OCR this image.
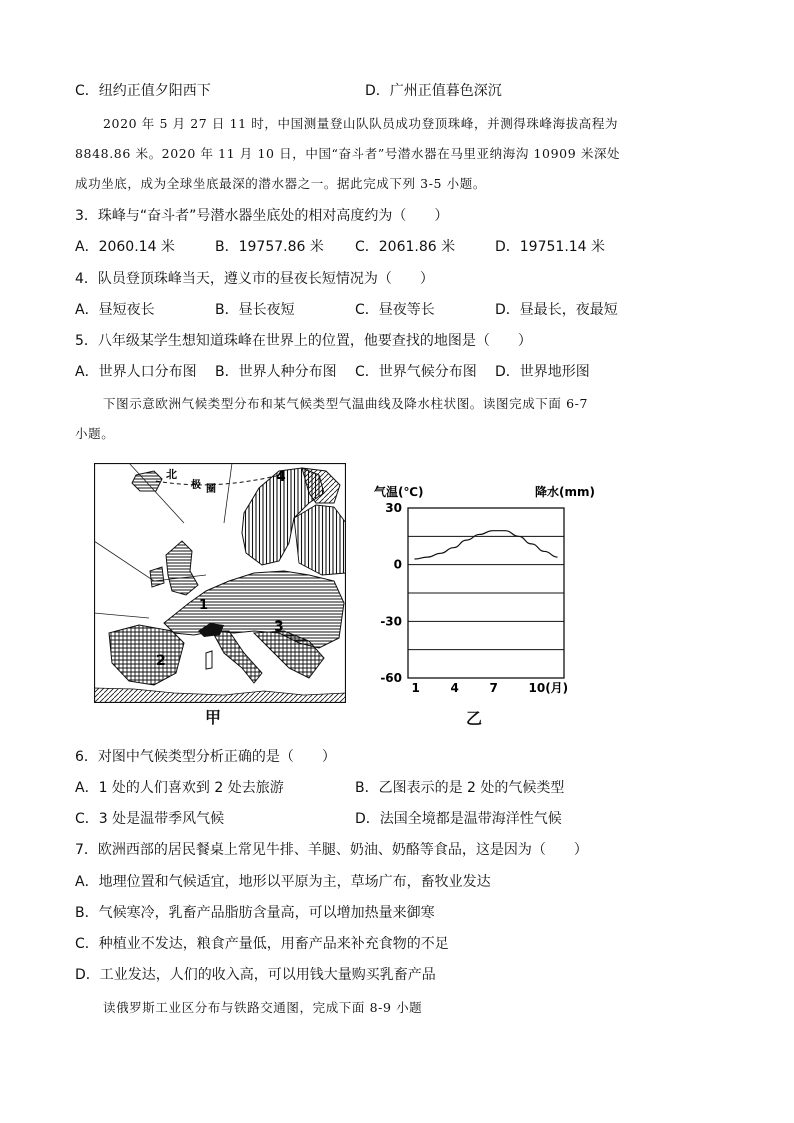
C．纽约正值夕阳西下	D．广州正值暮色深沉
2020 年 5 月 27 日 11 时，中国测量登山队队员成功登顶珠峰，并测得珠峰海拔高程为
8848.86 米。2020 年 11 月 10 日，中国“奋斗者”号潜水器在马里亚纳海沟 10909 米深处
成功坐底，成为全球坐底最深的潜水器之一。据此完成下列 3-5 小题。
3．珠峰与“奋斗者”号潜水器坐底处的相对高度约为（　　）
A．2060.14 米	B．19757.86 米 C．2061.86 米	D．19751.14 米
4．队员登顶珠峰当天，遵义市的昼夜长短情况为（　　）
A．昼短夜长	B．昼长夜短	C．昼夜等长	D．昼最长，夜最短
5．八年级某学生想知道珠峰在世界上的位置，他要查找的地图是（　　）
A．世界人口分布图 B．世界人种分布图 C．世界气候分布图 D．世界地形图
下图示意欧洲气候类型分布和某气候类型气温曲线及降水柱状图。读图完成下面 6-7
小题。
北
极 圈
1
2
3
4
甲
气温(℃)	降水(mm)
30
0
-30
-60
1	4	7	10(月)
乙
6．对图中气候类型分析正确的是（　　）
A．1 处的人们喜欢到 2 处去旅游	B．乙图表示的是 2 处的气候类型
C．3 处是温带季风气候	D．法国全境都是温带海洋性气候
7．欧洲西部的居民餐桌上常见牛排、羊腿、奶油、奶酪等食品，这是因为（　　）
A．地理位置和气候适宜，地形以平原为主，草场广布，畜牧业发达
B．气候寒冷，乳畜产品脂肪含量高，可以增加热量来御寒
C．种植业不发达，粮食产量低，用畜产品来补充食物的不足
D．工业发达，人们的收入高，可以用钱大量购买乳畜产品
读俄罗斯工业区分布与铁路交通图，完成下面 8-9 小题
